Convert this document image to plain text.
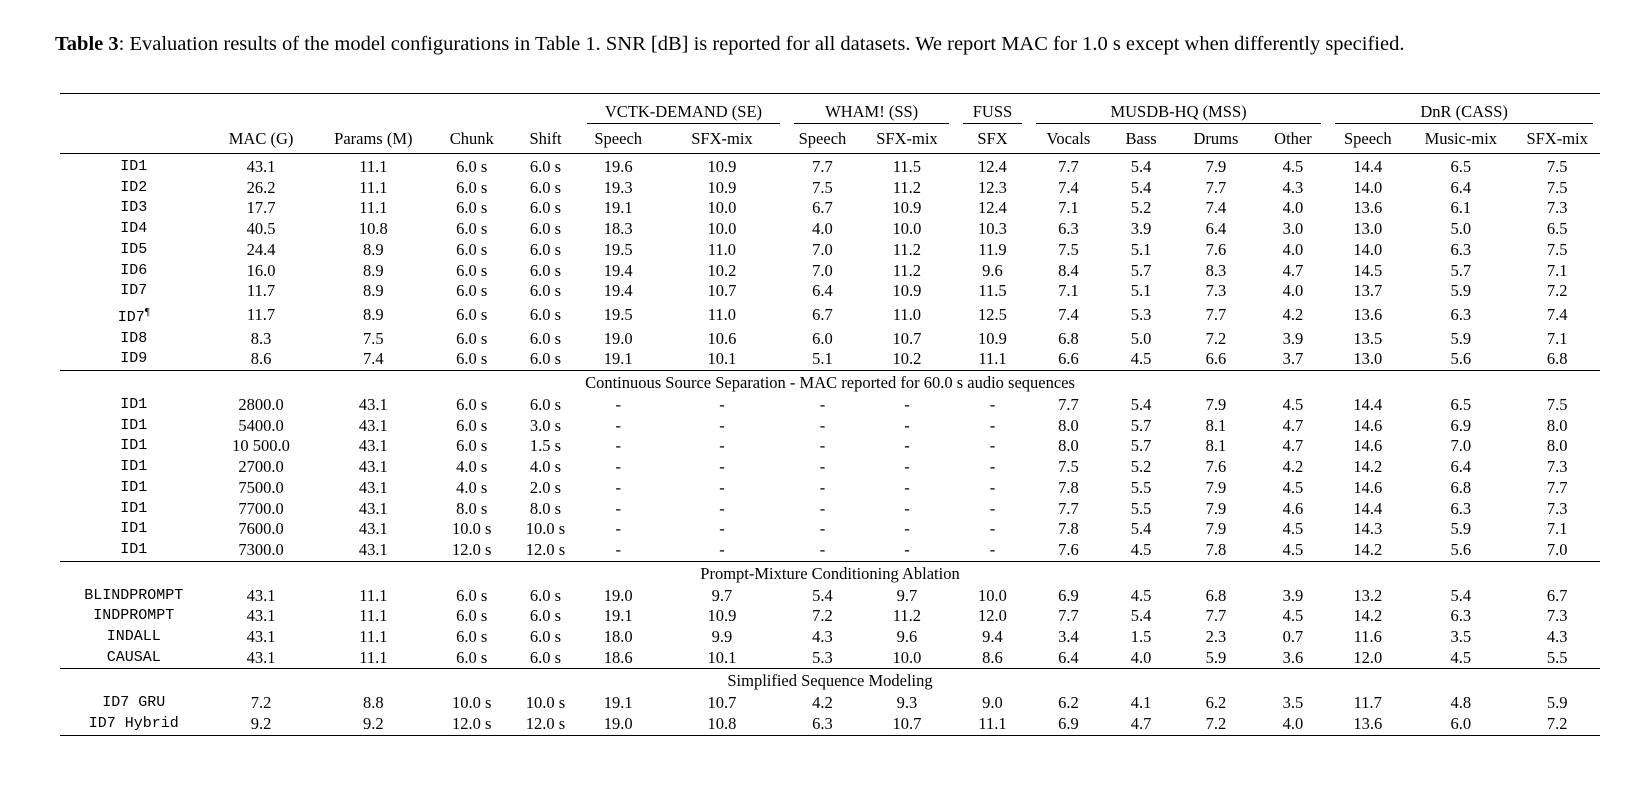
Table 3: Evaluation results of the model configurations in Table 1. SNR [dB] is reported for all datasets. We report MAC for 1.0 s except when differently specified.
					VCTK-DEMAND (SE)		WHAM! (SS)		FUSS	MUSDB-HQ (MSS)				DnR (CASS)		
	MAC (G)	Params (M)	Chunk	Shift	Speech	SFX-mix	Speech	SFX-mix	SFX	Vocals	Bass	Drums	Other	Speech	Music-mix	SFX-mix
ID1	43.1	11.1	6.0 s	6.0 s	19.6	10.9	7.7	11.5	12.4	7.7	5.4	7.9	4.5	14.4	6.5	7.5
ID2	26.2	11.1	6.0 s	6.0 s	19.3	10.9	7.5	11.2	12.3	7.4	5.4	7.7	4.3	14.0	6.4	7.5
ID3	17.7	11.1	6.0 s	6.0 s	19.1	10.0	6.7	10.9	12.4	7.1	5.2	7.4	4.0	13.6	6.1	7.3
ID4	40.5	10.8	6.0 s	6.0 s	18.3	10.0	4.0	10.0	10.3	6.3	3.9	6.4	3.0	13.0	5.0	6.5
ID5	24.4	8.9	6.0 s	6.0 s	19.5	11.0	7.0	11.2	11.9	7.5	5.1	7.6	4.0	14.0	6.3	7.5
ID6	16.0	8.9	6.0 s	6.0 s	19.4	10.2	7.0	11.2	9.6	8.4	5.7	8.3	4.7	14.5	5.7	7.1
ID7	11.7	8.9	6.0 s	6.0 s	19.4	10.7	6.4	10.9	11.5	7.1	5.1	7.3	4.0	13.7	5.9	7.2
ID7¶	11.7	8.9	6.0 s	6.0 s	19.5	11.0	6.7	11.0	12.5	7.4	5.3	7.7	4.2	13.6	6.3	7.4
ID8	8.3	7.5	6.0 s	6.0 s	19.0	10.6	6.0	10.7	10.9	6.8	5.0	7.2	3.9	13.5	5.9	7.1
ID9	8.6	7.4	6.0 s	6.0 s	19.1	10.1	5.1	10.2	11.1	6.6	4.5	6.6	3.7	13.0	5.6	6.8
Continuous Source Separation - MAC reported for 60.0 s audio sequences																
ID1	2800.0	43.1	6.0 s	6.0 s	-	-	-	-	-	7.7	5.4	7.9	4.5	14.4	6.5	7.5
ID1	5400.0	43.1	6.0 s	3.0 s	-	-	-	-	-	8.0	5.7	8.1	4.7	14.6	6.9	8.0
ID1	10 500.0	43.1	6.0 s	1.5 s	-	-	-	-	-	8.0	5.7	8.1	4.7	14.6	7.0	8.0
ID1	2700.0	43.1	4.0 s	4.0 s	-	-	-	-	-	7.5	5.2	7.6	4.2	14.2	6.4	7.3
ID1	7500.0	43.1	4.0 s	2.0 s	-	-	-	-	-	7.8	5.5	7.9	4.5	14.6	6.8	7.7
ID1	7700.0	43.1	8.0 s	8.0 s	-	-	-	-	-	7.7	5.5	7.9	4.6	14.4	6.3	7.3
ID1	7600.0	43.1	10.0 s	10.0 s	-	-	-	-	-	7.8	5.4	7.9	4.5	14.3	5.9	7.1
ID1	7300.0	43.1	12.0 s	12.0 s	-	-	-	-	-	7.6	4.5	7.8	4.5	14.2	5.6	7.0
Prompt-Mixture Conditioning Ablation																
BLINDPROMPT	43.1	11.1	6.0 s	6.0 s	19.0	9.7	5.4	9.7	10.0	6.9	4.5	6.8	3.9	13.2	5.4	6.7
INDPROMPT	43.1	11.1	6.0 s	6.0 s	19.1	10.9	7.2	11.2	12.0	7.7	5.4	7.7	4.5	14.2	6.3	7.3
INDALL	43.1	11.1	6.0 s	6.0 s	18.0	9.9	4.3	9.6	9.4	3.4	1.5	2.3	0.7	11.6	3.5	4.3
CAUSAL	43.1	11.1	6.0 s	6.0 s	18.6	10.1	5.3	10.0	8.6	6.4	4.0	5.9	3.6	12.0	4.5	5.5
Simplified Sequence Modeling																
ID7 GRU	7.2	8.8	10.0 s	10.0 s	19.1	10.7	4.2	9.3	9.0	6.2	4.1	6.2	3.5	11.7	4.8	5.9
ID7 Hybrid	9.2	9.2	12.0 s	12.0 s	19.0	10.8	6.3	10.7	11.1	6.9	4.7	7.2	4.0	13.6	6.0	7.2
